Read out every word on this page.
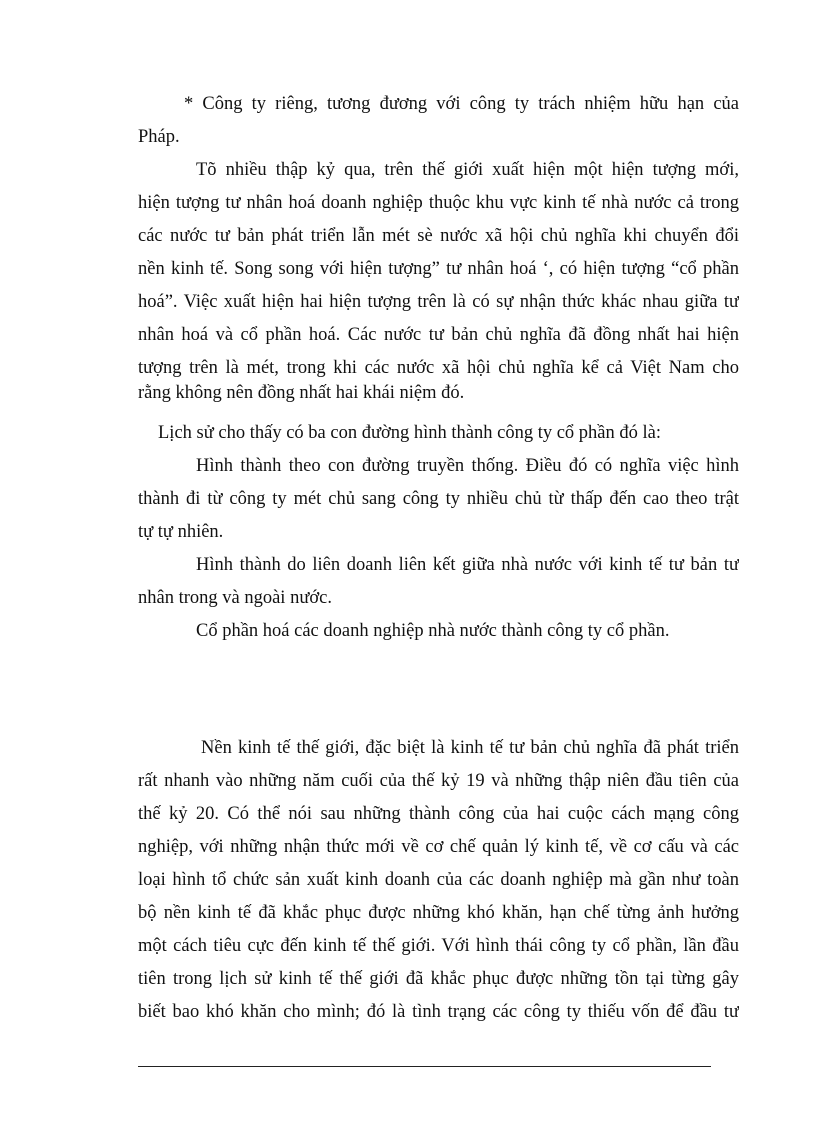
* Công ty riêng, tương đương với công ty trách nhiệm hữu hạn của
Pháp.
Tõ nhiều thập kỷ qua, trên thế giới xuất hiện một hiện tượng mới,
hiện tượng tư nhân hoá doanh nghiệp thuộc khu vực kinh tế nhà nước cả trong
các nước tư bản phát triển lẫn mét sè nước xã hội chủ nghĩa khi chuyển đổi
nền kinh tế. Song song với hiện tượng” tư nhân hoá ‘, có hiện tượng “cổ phần
hoá”. Việc xuất hiện hai hiện tượng trên là có sự nhận thức khác nhau giữa tư
nhân hoá và cổ phần hoá. Các nước tư bản chủ nghĩa đã đồng nhất hai hiện
tượng trên là mét, trong khi các nước xã hội chủ nghĩa kể cả Việt Nam cho
rằng không nên đồng nhất hai khái niệm đó.
Lịch sử cho thấy có ba con đường hình thành công ty cổ phần đó là:
Hình thành theo con đường truyền thống. Điều đó có nghĩa việc hình
thành đi từ công ty mét chủ sang công ty nhiều chủ từ thấp đến cao theo trật
tự tự nhiên.
Hình thành do liên doanh liên kết giữa nhà nước với kinh tế tư bản tư
nhân trong và ngoài nước.
Cổ phần hoá các doanh nghiệp nhà nước thành công ty cổ phần.
Nền kinh tế thế giới, đặc biệt là kinh tế tư bản chủ nghĩa đã phát triển
rất nhanh vào những năm cuối của thế kỷ 19 và những thập niên đầu tiên của
thế kỷ 20. Có thể nói sau những thành công của hai cuộc cách mạng công
nghiệp, với những nhận thức mới về cơ chế quản lý kinh tế, về cơ cấu và các
loại hình tổ chức sản xuất kinh doanh của các doanh nghiệp mà gần như toàn
bộ nền kinh tế đã khắc phục được những khó khăn, hạn chế từng ảnh hưởng
một cách tiêu cực đến kinh tế thế giới. Với hình thái công ty cổ phần, lần đầu
tiên trong lịch sử kinh tế thế giới đã khắc phục được những tồn tại từng gây
biết bao khó khăn cho mình; đó là tình trạng các công ty thiếu vốn để đầu tư
